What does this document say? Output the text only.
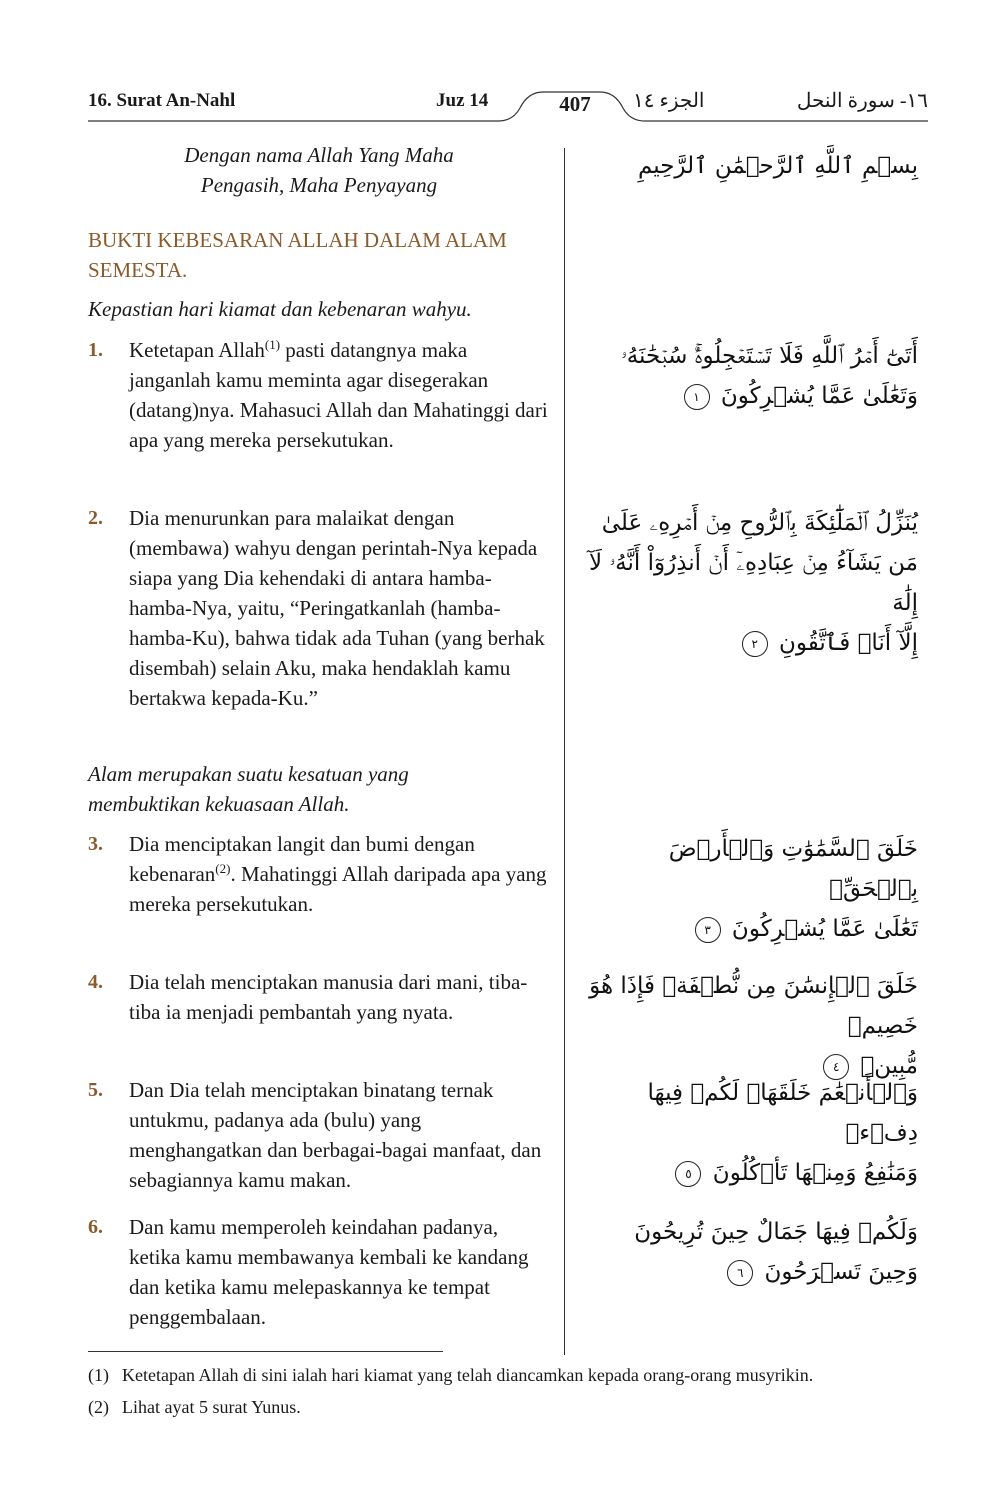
16. Surat An-Nahl	Juz 14	407	الجزء ١٤	١٦- سورة النحل
Dengan nama Allah Yang Maha
Pengasih, Maha Penyayang
بِسۡمِ ٱللَّهِ ٱلرَّحۡمَٰنِ ٱلرَّحِيمِ
BUKTI KEBESARAN ALLAH DALAM ALAM
SEMESTA.
Kepastian hari kiamat dan kebenaran wahyu.
1.	Ketetapan Allah$^{(1)}$ pasti datangnya maka janganlah kamu meminta agar disegerakan (datang)nya. Mahasuci Allah dan Mahatinggi dari apa yang mereka persekutukan.
أَتَىٰٓ أَمۡرُ ٱللَّهِ فَلَا تَسۡتَعۡجِلُوهُۚ سُبۡحَٰنَهُۥ
وَتَعَٰلَىٰ عَمَّا يُشۡرِكُونَ ١
2.	Dia menurunkan para malaikat dengan (membawa) wahyu dengan perintah-Nya kepada siapa yang Dia kehendaki di antara hamba-hamba-Nya, yaitu, “Peringatkanlah (hamba-hamba-Ku), bahwa tidak ada Tuhan (yang berhak disembah) selain Aku, maka hendaklah kamu bertakwa kepada-Ku.”
يُنَزِّلُ ٱلۡمَلَٰٓئِكَةَ بِٱلرُّوحِ مِنۡ أَمۡرِهِۦ عَلَىٰ
مَن يَشَآءُ مِنۡ عِبَادِهِۦٓ أَنۡ أَنذِرُوٓاْ أَنَّهُۥ لَآ إِلَٰهَ
إِلَّآ أَنَا۠ فَٱتَّقُونِ ٢
Alam merupakan suatu kesatuan yang
membuktikan kekuasaan Allah.
3.	Dia menciptakan langit dan bumi dengan kebenaran$^{(2)}$. Mahatinggi Allah daripada apa yang mereka persekutukan.
خَلَقَ ٱلسَّمَٰوَٰتِ وَٱلۡأَرۡضَ بِٱلۡحَقِّۚ
تَعَٰلَىٰ عَمَّا يُشۡرِكُونَ ٣
4.	Dia telah menciptakan manusia dari mani, tiba-tiba ia menjadi pembantah yang nyata.
خَلَقَ ٱلۡإِنسَٰنَ مِن نُّطۡفَةٖ فَإِذَا هُوَ خَصِيمٞ
مُّبِينٞ ٤
5.	Dan Dia telah menciptakan binatang ternak untukmu, padanya ada (bulu) yang menghangatkan dan berbagai-bagai manfaat, dan sebagiannya kamu makan.
وَٱلۡأَنۡعَٰمَ خَلَقَهَاۖ لَكُمۡ فِيهَا دِفۡءٞ
وَمَنَٰفِعُ وَمِنۡهَا تَأۡكُلُونَ ٥
6.	Dan kamu memperoleh keindahan padanya, ketika kamu membawanya kembali ke kandang dan ketika kamu melepaskannya ke tempat penggembalaan.
وَلَكُمۡ فِيهَا جَمَالٌ حِينَ تُرِيحُونَ
وَحِينَ تَسۡرَحُونَ ٦
(1) Ketetapan Allah di sini ialah hari kiamat yang telah diancamkan kepada orang-orang musyrikin.
(2) Lihat ayat 5 surat Yunus.
